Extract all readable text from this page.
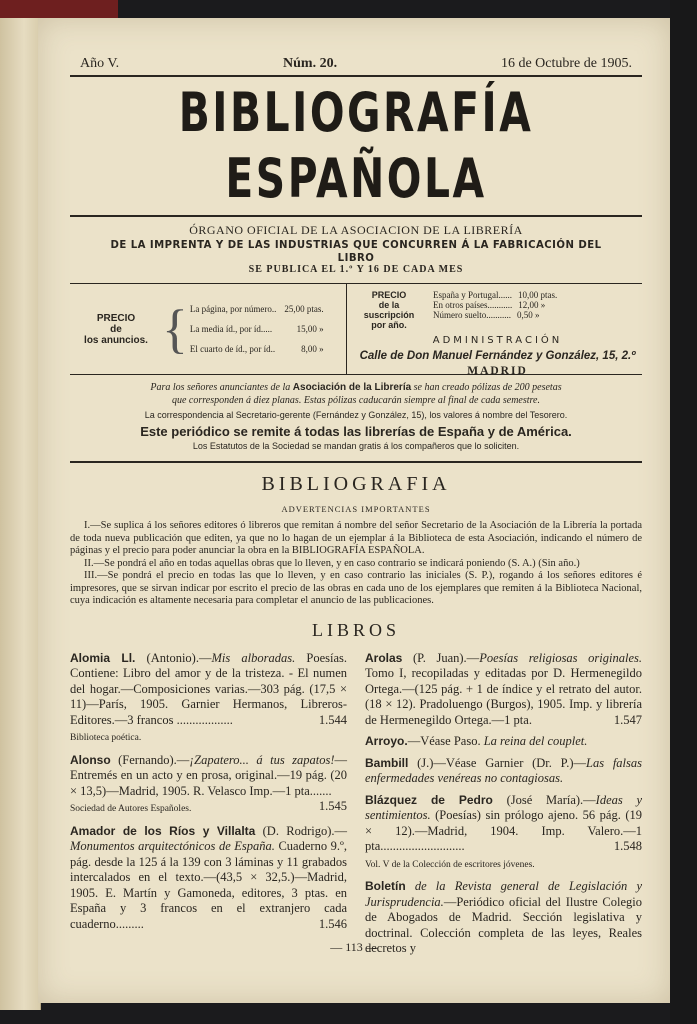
Año V.	Núm. 20.	16 de Octubre de 1905.
BIBLIOGRAFÍA ESPAÑOLA
ÓRGANO OFICIAL DE LA ASOCIACION DE LA LIBRERÍA
DE LA IMPRENTA Y DE LAS INDUSTRIAS QUE CONCURREN Á LA FABRICACIÓN DEL LIBRO
SE PUBLICA EL 1.º Y 16 DE CADA MES
PRECIO
de
los anuncios. { La página, por número.. 25,00 ptas.
La media íd., por íd.....	15,00 »
El cuarto de íd., por íd..	8,00 »
PRECIO
de la suscripción
por año.
España y Portugal...... 10,00 ptas.
En otros países........... 12,00 »
Número suelto........... 0,50 »
ADMINISTRACIÓN
Calle de Don Manuel Fernández y González, 15, 2.º
MADRID
Para los señores anunciantes de la Asociación de la Librería se han creado pólizas de 200 pesetas
que corresponden á diez planas. Estas pólizas caducarán siempre al final de cada semestre.
La correspondencia al Secretario-gerente (Fernández y González, 15), los valores á nombre del Tesorero.
Este periódico se remite á todas las librerías de España y de América.
Los Estatutos de la Sociedad se mandan gratis á los compañeros que lo soliciten.
BIBLIOGRAFIA
ADVERTENCIAS IMPORTANTES

I.—Se suplica á los señores editores ó libreros que remitan á nombre del señor Secretario de la Asociación de la Librería la portada de toda nueva publicación que editen, ya que no lo hagan de un ejemplar á la Biblioteca de esta Asociación, indicando el número de páginas y el precio para poder anunciar la obra en la BIBLIOGRAFÍA ESPAÑOLA.

II.—Se pondrá el año en todas aquellas obras que lo lleven, y en caso contrario se indicará poniendo (S. A.) (Sin año.)

III.—Se pondrá el precio en todas las que lo lleven, y en caso contrario las iniciales (S. P.), rogando á los señores editores é impresores, que se sirvan indicar por escrito el precio de las obras en cada uno de los ejemplares que remiten á la Biblioteca Nacional, cuya indicación es altamente necesaria para completar el anuncio de las publicaciones.

LIBROS
Alomia Ll. (Antonio).—Mis alboradas. Poesías. Contiene: Libro del amor y de la tristeza. - El numen del hogar.—Composiciones varias.—303 pág. (17,5 × 11)—París, 1905. Garnier Hermanos, Libreros-Editores.—3 francos ..................	1.544
Biblioteca poética.
Alonso (Fernando).—¡Zapatero... á tus zapatos!—Entremés en un acto y en prosa, original.—19 pág. (20 × 13,5)—Madrid, 1905. R. Velasco Imp.—1 pta.......
1.545
Sociedad de Autores Españoles.
Amador de los Ríos y Villalta (D. Rodrigo).—Monumentos arquitectónicos de España. Cuaderno 9.º, pág. desde la 125 á la 139 con 3 láminas y 11 grabados intercalados en el texto.—(43,5 × 32,5.)—Madrid, 1905. E. Martín y Gamoneda, editores, 3 ptas. en España y 3 francos en el extranjero cada cuaderno.........	1.546
Arolas (P. Juan).—Poesías religiosas originales. Tomo I, recopiladas y editadas por D. Hermenegildo Ortega.—(125 pág. + 1 de índice y el retrato del autor. (18 × 12). Pradoluengo (Burgos), 1905. Imp. y librería de Hermenegildo Ortega.—1 pta.	1.547
Arroyo.—Véase Paso. La reina del couplet.
Bambill (J.)—Véase Garnier (Dr. P.)—Las falsas enfermedades venéreas no contagiosas.
Blázquez de Pedro (José María).—Ideas y sentimientos. (Poesías) sin prólogo ajeno. 56 pág. (19 × 12).—Madrid, 1904. Imp. Valero.—1 pta...........................	1.548
Vol. V de la Colección de escritores jóvenes.
Boletín de la Revista general de Legislación y Jurisprudencia.—Periódico oficial del Ilustre Colegio de Abogados de Madrid. Sección legislativa y doctrinal. Colección completa de las leyes, Reales decretos y
— 113 —
